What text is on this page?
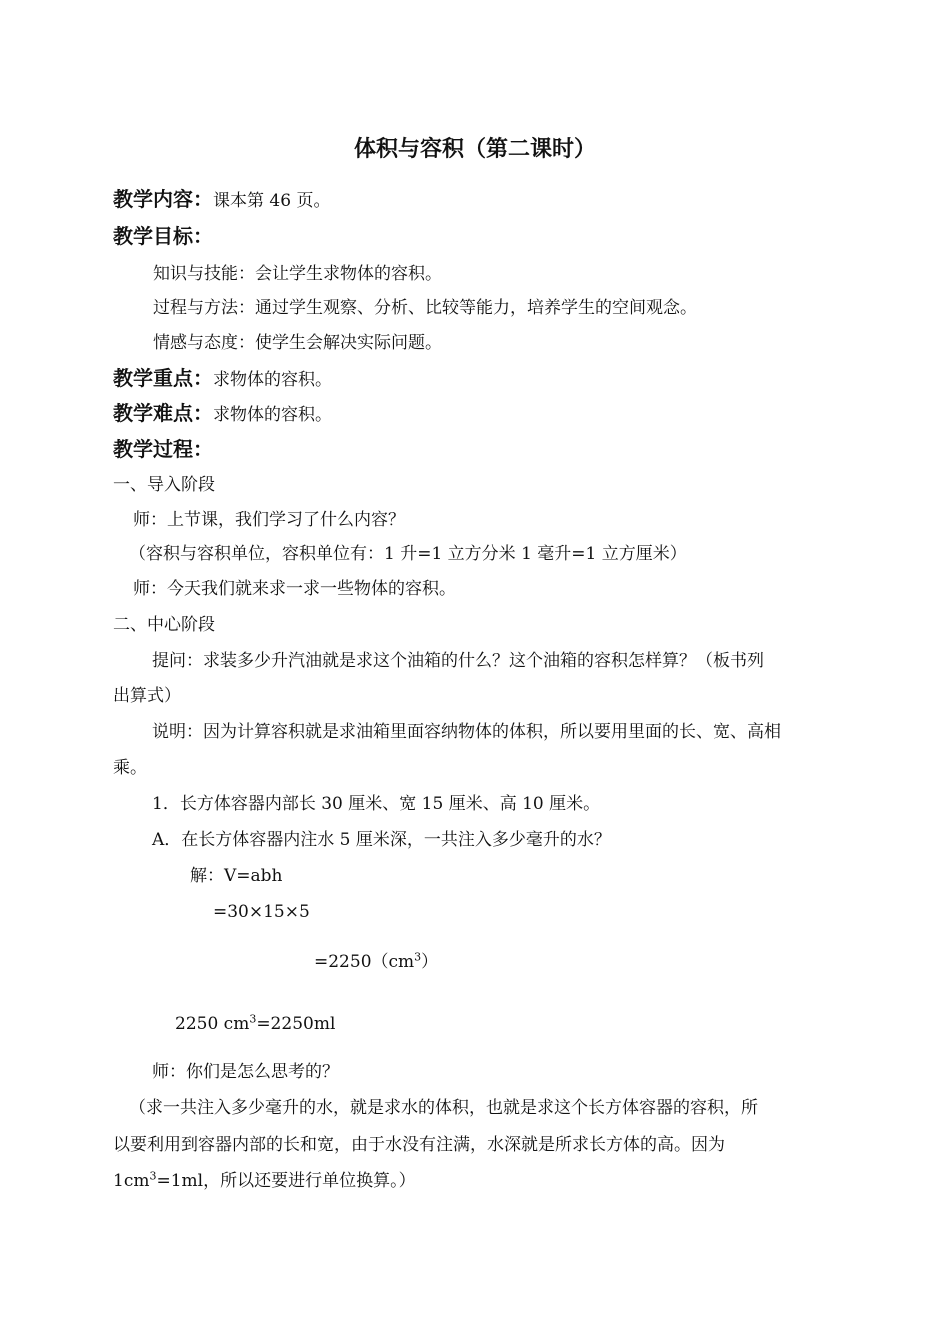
体积与容积（第二课时）
教学内容：课本第 46 页。
教学目标：
知识与技能：会让学生求物体的容积。
过程与方法：通过学生观察、分析、比较等能力，培养学生的空间观念。
情感与态度：使学生会解决实际问题。
教学重点：求物体的容积。
教学难点：求物体的容积。
教学过程：
一、导入阶段
师：上节课，我们学习了什么内容？
（容积与容积单位，容积单位有：1 升=1 立方分米 1 毫升=1 立方厘米）
师：今天我们就来求一求一些物体的容积。
二、中心阶段
提问：求装多少升汽油就是求这个油箱的什么？这个油箱的容积怎样算？（板书列
出算式）
说明：因为计算容积就是求油箱里面容纳物体的体积，所以要用里面的长、宽、高相
乘。
1．长方体容器内部长 30 厘米、宽 15 厘米、高 10 厘米。
A．在长方体容器内注水 5 厘米深，一共注入多少毫升的水？
解：V=abh
=30×15×5
$=2250(cm^3)$
2250 $cm^3=2250ml$
师：你们是怎么思考的？
（求一共注入多少毫升的水，就是求水的体积，也就是求这个长方体容器的容积，所
以要利用到容器内部的长和宽，由于水没有注满，水深就是所求长方体的高。因为
$1cm^3=1ml$，所以还要进行单位换算。）
